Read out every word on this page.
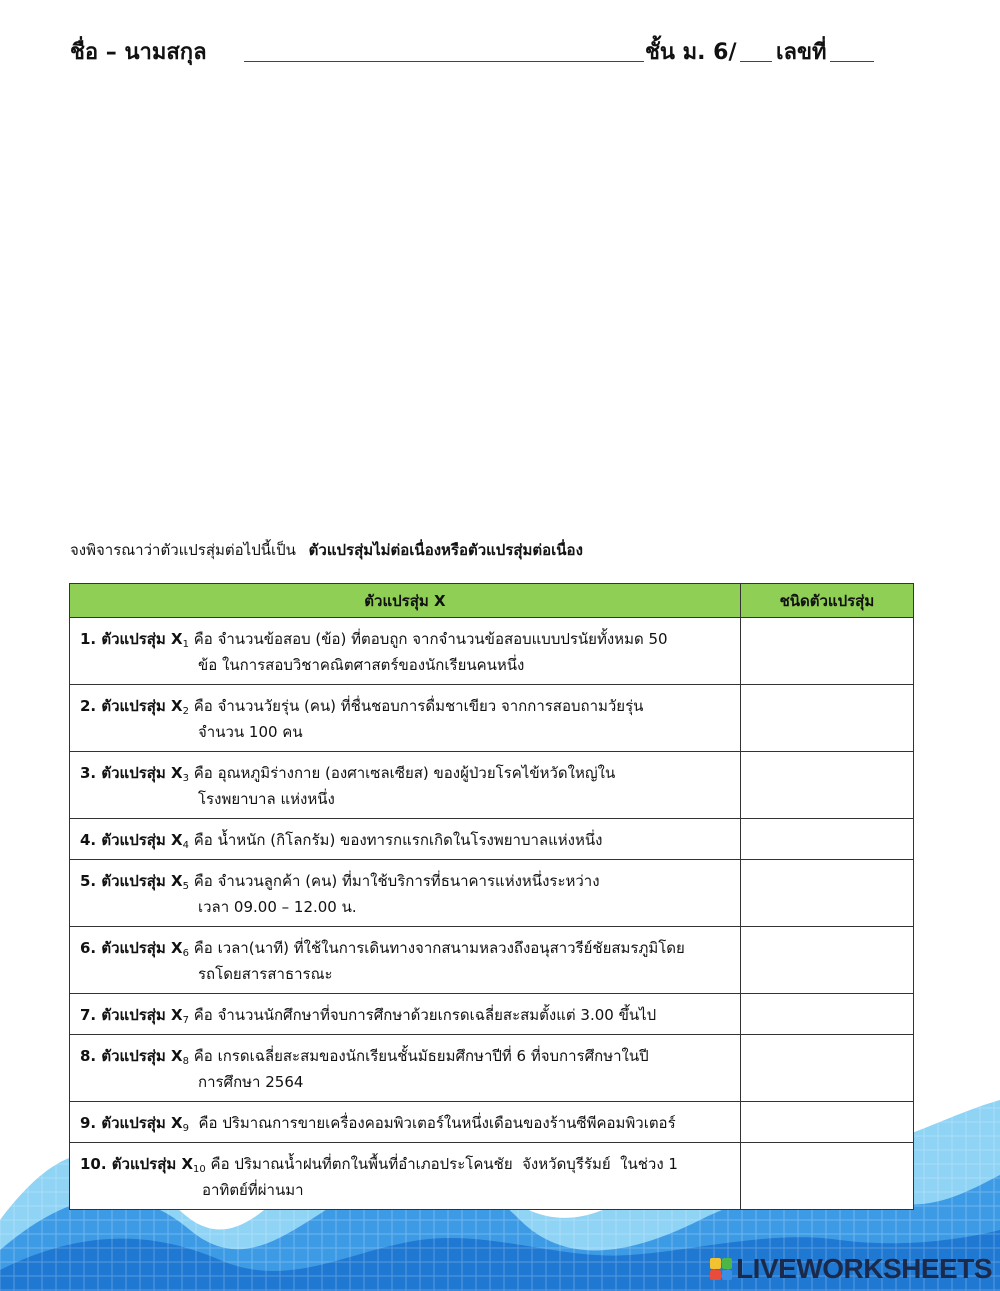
ชื่อ – นามสกุล	ชั้น ม. 6/ เลขที่
จงพิจารณาว่าตัวแปรสุ่มต่อไปนี้เป็น ตัวแปรสุ่มไม่ต่อเนื่องหรือตัวแปรสุ่มต่อเนื่อง
ตัวแปรสุ่ม X	ชนิดตัวแปรสุ่ม

1. ตัวแปรสุ่ม $X_1$ คือ จำนวนข้อสอบ (ข้อ) ที่ตอบถูก จากจำนวนข้อสอบแบบปรนัยทั้งหมด 50
ข้อ ในการสอบวิชาคณิตศาสตร์ของนักเรียนคนหนึ่ง	

2. ตัวแปรสุ่ม $X_2$ คือ จำนวนวัยรุ่น (คน) ที่ชื่นชอบการดื่มชาเขียว จากการสอบถามวัยรุ่น
จำนวน 100 คน	

3. ตัวแปรสุ่ม $X_3$ คือ อุณหภูมิร่างกาย (องศาเซลเซียส) ของผู้ป่วยโรคไข้หวัดใหญ่ใน
โรงพยาบาล แห่งหนึ่ง	

4. ตัวแปรสุ่ม $X_4$ คือ น้ำหนัก (กิโลกรัม) ของทารกแรกเกิดในโรงพยาบาลแห่งหนึ่ง	

5. ตัวแปรสุ่ม $X_5$ คือ จำนวนลูกค้า (คน) ที่มาใช้บริการที่ธนาคารแห่งหนึ่งระหว่าง
เวลา 09.00 – 12.00 น.	

6. ตัวแปรสุ่ม $X_6$ คือ เวลา(นาที) ที่ใช้ในการเดินทางจากสนามหลวงถึงอนุสาวรีย์ชัยสมรภูมิโดย
รถโดยสารสาธารณะ	

7. ตัวแปรสุ่ม $X_7$ คือ จำนวนนักศึกษาที่จบการศึกษาด้วยเกรดเฉลี่ยสะสมตั้งแต่ 3.00 ขึ้นไป	

8. ตัวแปรสุ่ม $X_8$ คือ เกรดเฉลี่ยสะสมของนักเรียนชั้นมัธยมศึกษาปีที่ 6 ที่จบการศึกษาในปี
การศึกษา 2564	

9. ตัวแปรสุ่ม $X_9$  คือ ปริมาณการขายเครื่องคอมพิวเตอร์ในหนึ่งเดือนของร้านซีพีคอมพิวเตอร์	

10. ตัวแปรสุ่ม $X_{10}$ คือ ปริมาณน้ำฝนที่ตกในพื้นที่อำเภอประโคนชัย  จังหวัดบุรีรัมย์  ในช่วง 1
อาทิตย์ที่ผ่านมา	

LIVEWORKSHEETS
